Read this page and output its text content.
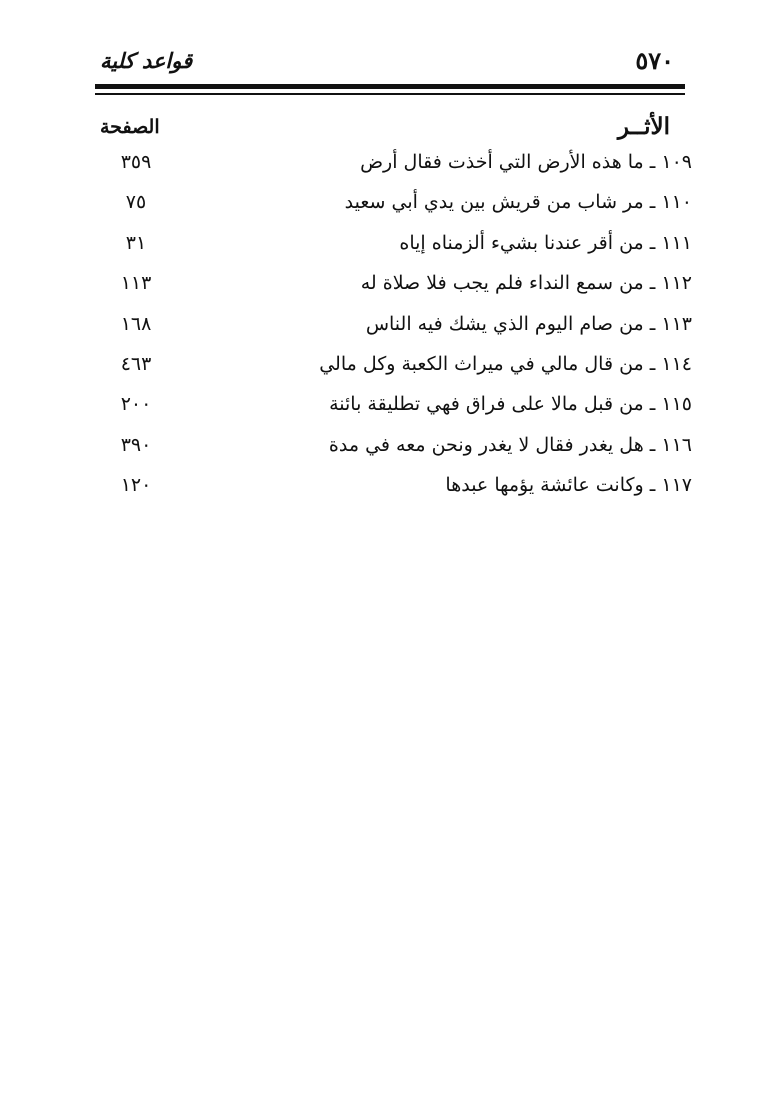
٥٧٠
قواعد كلية
الأثــر
الصفحة
١٠٩ ـ ما هذه الأرض التي أخذت فقال أرض
٣٥٩
١١٠ ـ مر شاب من قريش بين يدي أبي سعيد
٧٥
١١١ ـ من أقر عندنا بشيء ألزمناه إياه
٣١
١١٢ ـ من سمع النداء فلم يجب فلا صلاة له
١١٣
١١٣ ـ من صام اليوم الذي يشك فيه الناس
١٦٨
١١٤ ـ من قال مالي في ميراث الكعبة وكل مالي
٤٦٣
١١٥ ـ من قبل مالا على فراق فهي تطليقة بائنة
٢٠٠
١١٦ ـ هل يغدر فقال لا يغدر ونحن معه في مدة
٣٩٠
١١٧ ـ وكانت عائشة يؤمها عبدها
١٢٠
